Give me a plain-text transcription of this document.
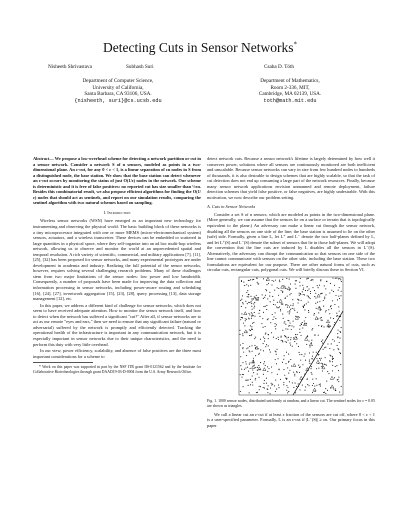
Detecting Cuts in Sensor Networks*
Nisheeth Shrivastava	Subhash Suri	Csaba D. Tóth
Department of Computer Science,
University of California,
Santa Barbara, CA 93106, USA.
{nisheeth, suri}@cs.ucsb.edu
Department of Mathematics,
Room 2-336, MIT,
Cambridge, MA 02139, USA.
toth@math.mit.edu

Abstract— We propose a low-overhead scheme for detecting a network partition or cut in a sensor network. Consider a network S of n sensors, modeled as points in a two-dimensional plane. An ε-cut, for any 0 < ε < 1, is a linear separation of εn nodes in S from a distinguished node, the base station. We show that the base station can detect whenever an ε-cut occurs by monitoring the status of just O(1/ε) nodes in the network. Our scheme is deterministic and it is free of false positives: no reported cut has size smaller than ½εn. Besides this combinatorial result, we also propose efficient algorithms for finding the O(1/ε) nodes that should act as sentinels, and report on our simulation results, comparing the sentinel algorithm with two natural schemes based on sampling.

I. Introduction

Wireless sensor networks (WSN) have emerged as an important new technology for instrumenting and observing the physical world. The basic building block of these networks is a tiny microprocessor integrated with one or more MEMS (micro-electromechanical system) sensors, actuators, and a wireless transceiver. These devices can be embedded or scattered in large quantities in a physical space, where they self-organize into an ad hoc multi-hop wireless network, allowing us to observe and monitor the world at an unprecedented spatial and temporal resolution. A rich variety of scientific, commercial, and military applications [7], [11], [25], [32] has been proposed for sensor networks, and many experimental prototypes are under development in academia and industry. Realizing the full potential of the sensor networks, however, requires solving several challenging research problems. Many of these challenges stem from two major limitations of the sensor nodes: low power and low bandwidth. Consequently, a number of proposals have been made for improving the data collection and information processing in sensor networks, including power-aware routing and scheduling [16], [24], [27], in-network aggregation [15], [23], [28], query processing [13], data storage management [12], etc.

In this paper, we address a different kind of challenge for sensor networks, which does not seem to have received adequate attention. How to monitor the sensor network itself, and how to detect when the network has suffered a significant "cut?" After all, if sensor networks are to act as our remote "eyes and ears," then we need to ensure that any significant failure (natural or adversarial) suffered by the network is promptly and efficiently detected. Tracking the operational health of the infrastructure is important in any communication network, but it is especially important in sensor networks due to their unique characteristics, and the need to perform this duty with very little overhead.

In our view, power efficiency, scalability, and absence of false positives are the three most important considerations for a scheme to

* Work on this paper was supported in part by the NSF ITR grant IIS-0121562 and by the Institute for Collaborative Biotechnologies through grant DAAD19-03-D-0004 from the U.S. Army Research Office.

detect network cuts. Because a sensor network's lifetime is largely determined by how well it conserves power, solutions where all sensors are continuously monitored are both inefficient and unscalable. Because sensor networks can vary in size from few hundred nodes to hundreds of thousands, it is also desirable to design schemes that are highly scalable, so that the task of cut detection does not end up consuming a large part of the network resources. Finally, because many sensor network applications envision unmanned and remote deployment, failure detection schemes that yield false positive, or false negatives, are highly undesirable. With this motivation, we now describe our problem setting.

A. Cuts in Sensor Networks

Consider a set S of n sensors, which are modeled as points in the two-dimensional plane. (More generally, we can assume that the sensors lie on a surface or terrain that is topologically equivalent to the plane.) An adversary can make a linear cut through the sensor network, disabling all the sensors on one side of the line; the base station is assumed to lie on the other (safe) side. Formally, given a line L, let L⁺ and L⁻ denote the two half-planes defined by L, and let L⁺(S) and L⁻(S) denote the subset of sensors that lie in those half-planes. We will adopt the convention that the line cuts are induced by L disables all the sensors in L⁻(S). Alternatively, the adversary can disrupt the communication so that sensors on one side of the line cannot communicate with sensors on the other side, including the base station. These two formulations are equivalent for our purpose. There are other natural forms of cuts, such as circular cuts, rectangular cuts, polygonal cuts. We will briefly discuss these in Section VI.

Fig. 1. 1000 sensor nodes, distributed uniformly at random, and a linear cut. The sentinel nodes for ε = 0.05 are shown as triangles.

We call a linear cut an ε-cut if at least ε fraction of the sensors are cut off, where 0 < ε < 1 is a user-specified parameter. Formally, L is an ε-cut if |L⁻(S)| ≥ εn. Our primary focus in this paper
